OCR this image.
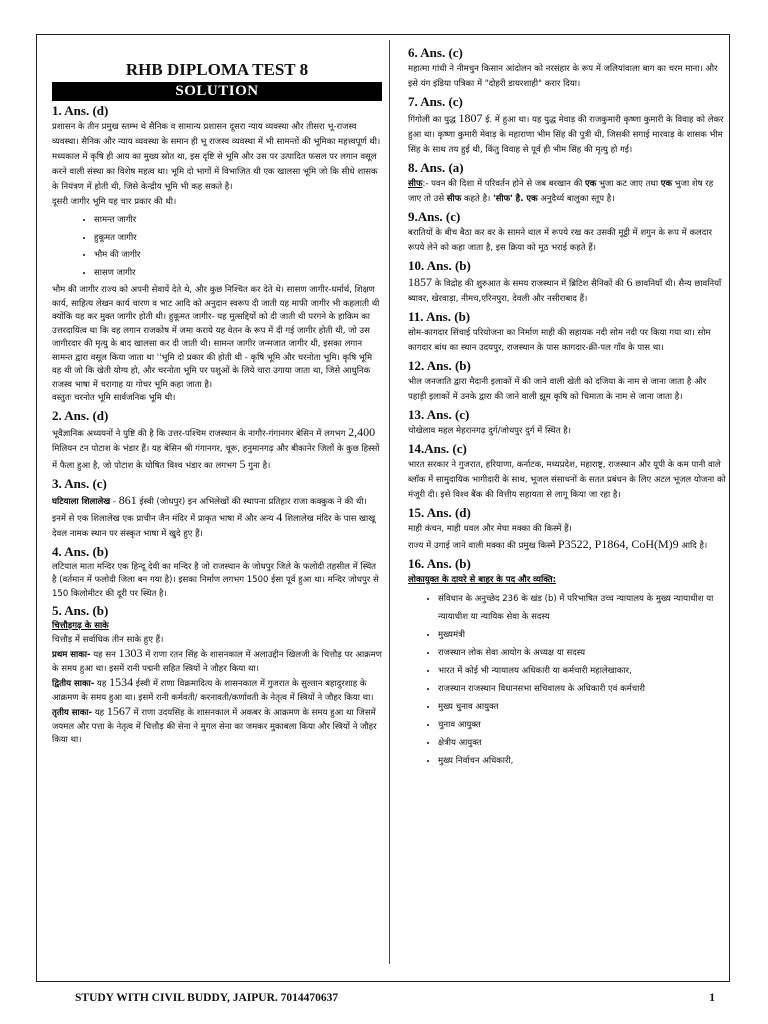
RHB DIPLOMA TEST 8
SOLUTION
1. Ans. (d)

प्रशासन के तीन प्रमुख स्तम्भ थे सैनिक व सामान्य प्रशासन दूसरा न्याय व्यवस्था और तीसरा भू-राजस्व व्यवस्था। सैनिक और न्याय व्यवस्था के समान ही भू राजस्व व्यवस्था में भी सामन्तों की भूमिका महत्त्वपूर्ण थी। मध्यकाल में कृषि ही आय का मुख्य स्रोत था, इस दृष्टि से भूमि और उस पर उत्पादित फसल पर लगान वसूल करने वाली संस्था का विशेष महत्व था। भूमि दो भागों में विभाजित थी एक खालसा भूमि जो कि सीधे शासक के नियंत्रण में होती थी, जिसे केन्द्रीय भूमि भी कह सकते है।

दूसरी जागीर भूमि यह चार प्रकार की थी।

• सामन्त जागीर
• हुकूमत जागीर
• भौम की जागीर
• सासण जागीर

भौम की जागीर राज्य को अपनी सेवायें देते थे, और कुछ निश्चित कर देते थे। सासण जागीर-धर्मार्थ, शिक्षण कार्य, साहित्य लेखन कार्य चारण व भाट आदि को अनुदान स्वरूप दी जाती यह माफी जागीर भी कहलाती थी क्योंकि यह कर मुक्त जागीर होती थी। हुकूमत जागीर- यह मुत्सद्दियों को दी जाती थी परगने के हाकिम का उत्तरदायित्व था कि वह लगान राजकोष में जमा कराये यह वेतन के रूप में दी गई जागीर होती थी, जो उस जागीरदार की मृत्यु के बाद खालसा कर दी जाती थी। सामन्त जागीर जन्मजात जागीर थी, इसका लगान सामन्त द्वारा वसूल किया जाता था ''भूमि दो प्रकार की होती थी - कृषि भूमि और चरनोता भूमि। कृषि भूमि वह थी जो कि खेती योग्य हो, और चरनोता भूमि पर पशुओं के लिये चारा उगाया जाता था, जिसे आधुनिक राजस्व भाषा में चरागाह या गोचर भूमि कहा जाता है।

वस्तुतः चरनोत भूमि सार्वजनिक भूमि थी।

2. Ans. (d)

भूवैज्ञानिक अध्ययनों ने पुष्टि की है कि उत्तर-पश्चिम राजस्थान के नागौर-गंगानगर बेसिन में लगभग 2,400 मिलियन टन पोटाश के भंडार हैं। यह बेसिन श्री गंगानगर, चूरू, हनुमानगढ़ और बीकानेर जिलों के कुछ हिस्सों में फैला हुआ है, जो पोटाश के घोषित विश्व भंडार का लगभग 5 गुना है।

3. Ans. (c)

घटियाला शिलालेख - 861 ईस्वी (जोधपुर) इन अभिलेखों की स्थापना प्रतिहार राजा कक्कुक ने की थी। इनमें से एक शिलालेख एक प्राचीन जैन मंदिर में प्राकृत भाषा में और अन्य 4 शिलालेख मंदिर के पास खाखू देवल नामक स्थान पर संस्कृत भाषा में खुदे हुए हैं।

4. Ans. (b)

लटियाल माता मन्दिर एक हिन्दू देवी का मन्दिर है जो राजस्थान के जोधपुर जिले के फलोदी तहसील में स्थित है (वर्तमान में फलोदी जिला बन गया है)। इसका निर्माण लगभग 1500 ईसा पूर्व हुआ था। मन्दिर जोधपुर से 150 किलोमीटर की दूरी पर स्थित है।

5. Ans. (b)

चित्तौड़गढ़ के साके

चित्तौड़ में सर्वाधिक तीन साके हुए हैं।

प्रथम साका- यह सन 1303 में राणा रतन सिंह के शासनकाल में अलाउद्दीन खिलजी के चित्तौड़ पर आक्रमण के समय हुआ था। इसमें रानी पद्मनी सहित स्त्रियों ने जौहर किया था।

द्वितीय साका- यह 1534 ईस्वी में राणा विक्रमादित्य के शासनकाल में गुजरात के सुल्तान बहादुरशाह के आक्रमण के समय हुआ था। इसमें रानी कर्मवती/ करनावती/कर्णावती के नेतृत्व में स्त्रियों ने जौहर किया था।

तृतीय साका- यह 1567 में राणा उदयसिंह के शासनकाल में अकबर के आक्रमण के समय हुआ था जिसमें जयमल और पत्ता के नेतृत्व में चित्तौड़ की सेना ने मुगल सेना का जमकर मुकाबला किया और स्त्रियों ने जौहर किया था।

6. Ans. (c)

महात्मा गांधी ने नीमचुन किसान आंदोलन को नरसंहार के रूप में जलियांवाला बाग का चरम माना। और इसे यंग इंडिया पत्रिका में "दोहरी डायरशाही" करार दिया।

7. Ans. (c)

गिंगोली का युद्ध 1807 ई. में हुआ था। यह युद्ध मेवाड़ की राजकुमारी कृष्णा कुमारी के विवाह को लेकर हुआ था। कृष्णा कुमारी मेवाड़ के महाराणा भीम सिंह की पुत्री थी, जिसकी सगाई मारवाड़ के शासक भीम सिंह के साथ तय हुई थी, किंतु विवाह से पूर्व ही भीम सिंह की मृत्यु हो गई।

8. Ans. (a)

सीफ:- पवन की दिशा में परिवर्तन होने से जब बरखान की एक भुजा कट जाए तथा एक भुजा शेष रह जाए तो उसे सीफ कहते है। 'सीफ' है. एक अनुदैर्ध्य बालुका स्तूप है।

9.Ans. (c)

बरातियों के बीच बैठा कर वर के सामने थाल में रूपये रख कर उसकी मुट्ठी में शगुन के रूप में कलदार रूपये लेने को कहा जाता है, इस क्रिया को मूठ भराई कहते हैं।

10. Ans. (b)

1857 के विद्रोह की शुरुआत के समय राजस्थान में ब्रिटिश सैनिकों की 6 छावनियाँ थी। सैन्य छावनियाँ ब्यावर, खेरवाड़ा, नीमच,एरिनपुरा, देवली और नसीराबाद हैं।

11. Ans. (b)

सोम-कागदार सिंचाई परियोजना का निर्माण माही की सहायक नदी सोम नदी पर किया गया था। सोम कागदार बांध का स्थान उदयपुर, राजस्थान के पास कागदार-क्री-पल गाँव के पास था।

12. Ans. (b)

भील जनजाति द्वारा मैदानी इलाकों में की जाने वाली खेती को दजिया के नाम से जाना जाता है और पहाड़ी इलाकों में उनके द्वारा की जाने वाली झूम कृषि को चिमाता के नाम से जाना जाता है।

13. Ans. (c)

चोखेलाव महल मेहरानगढ़ दुर्ग/जोधपुर दुर्ग में स्थित है।

14.Ans. (c)

भारत सरकार ने गुजरात, हरियाणा, कर्नाटक, मध्यप्रदेश, महाराष्ट्र, राजस्थान और यूपी के कम पानी वाले ब्लॉक में सामुदायिक भागीदारी के साथ, भूजल संसाधनों के सतत प्रबंधन के लिए अटल भूजल योजना को मंजूरी दी। इसे विश्व बैंक की वित्तीय सहायता से लागू किया जा रहा है।

15. Ans. (d)

माही कंचन, माही धवल और मेघा मक्का की किस्में हैं।

राज्य में उगाई जाने वाली मक्का की प्रमुख किस्में P3522, P1864, CoH(M)9 आदि है।

16. Ans. (b)

लोकायुक्त के दायरे से बाहर के पद और व्यक्ति:

• संविधान के अनुच्छेद 236 के खंड (b) में परिभाषित उच्च न्यायालय के मुख्य न्यायाधीश या न्यायाधीश या न्यायिक सेवा के सदस्य
• मुख्यमंत्री
• राजस्थान लोक सेवा आयोग के अध्यक्ष या सदस्य
• भारत में कोई भी न्यायालय अधिकारी या कर्मचारी महालेखाकार,
• राजस्थान राजस्थान विधानसभा सचिवालय के अधिकारी एवं कर्मचारी
• मुख्य चुनाव आयुक्त
• चुनाव आयुक्त
• क्षेत्रीय आयुक्त
• मुख्य निर्वाचन अधिकारी,
STUDY WITH CIVIL BUDDY, JAIPUR. 7014470637	1
